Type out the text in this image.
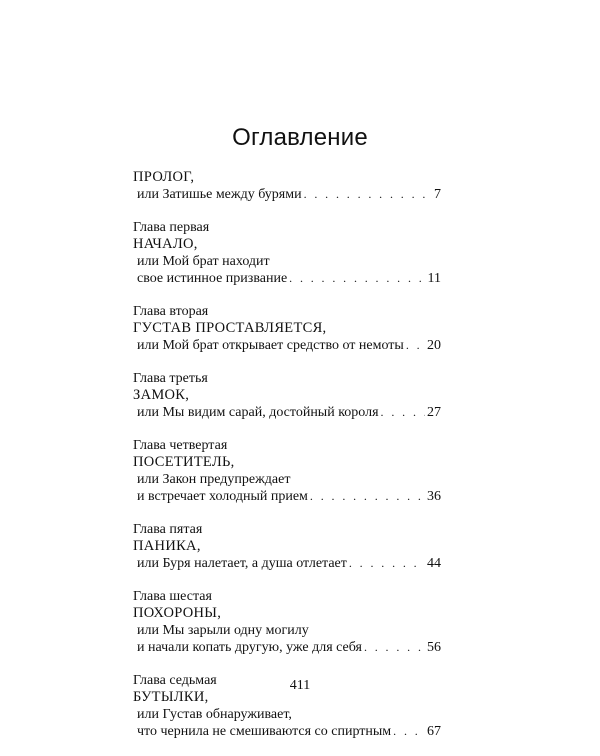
Оглавление
ПРОЛОГ,
или Затишье между бурями . . .	7
Глава первая
НАЧАЛО,
или Мой брат находит
свое истинное призвание . . .	11
Глава вторая
ГУСТАВ ПРОСТАВЛЯЕТСЯ,
или Мой брат открывает средство от немоты . . . 20
Глава третья
ЗАМОК,
или Мы видим сарай, достойный короля . . .	27
Глава четвертая
ПОСЕТИТЕЛЬ,
или Закон предупреждает
и встречает холодный прием . . .	36
Глава пятая
ПАНИКА,
или Буря налетает, а душа отлетает . . .	44
Глава шестая
ПОХОРОНЫ,
или Мы зарыли одну могилу
и начали копать другую, уже для себя . . .	56
Глава седьмая
БУТЫЛКИ,
или Густав обнаруживает,
что чернила не смешиваются со спиртным . . .	67
411
